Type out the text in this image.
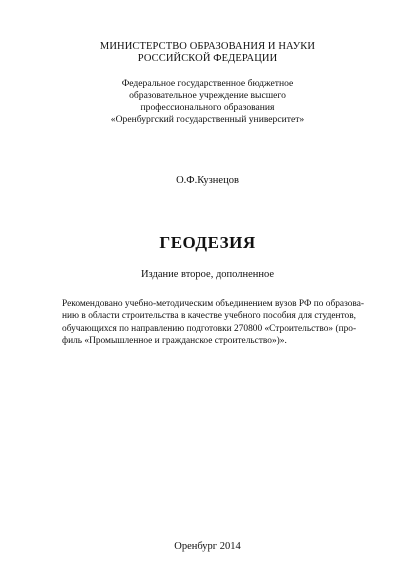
МИНИСТЕРСТВО ОБРАЗОВАНИЯ И НАУКИ
РОССИЙСКОЙ ФЕДЕРАЦИИ
Федеральное государственное бюджетное
образовательное учреждение высшего
профессионального образования
«Оренбургский государственный университет»
О.Ф.Кузнецов
ГЕОДЕЗИЯ
Издание второе, дополненное
Рекомендовано учебно-методическим объединением вузов РФ по образова-
нию в области строительства в качестве учебного пособия для студентов,
обучающихся по направлению подготовки 270800 «Строительство» (про-
филь «Промышленное и гражданское строительство»)».
Оренбург 2014
